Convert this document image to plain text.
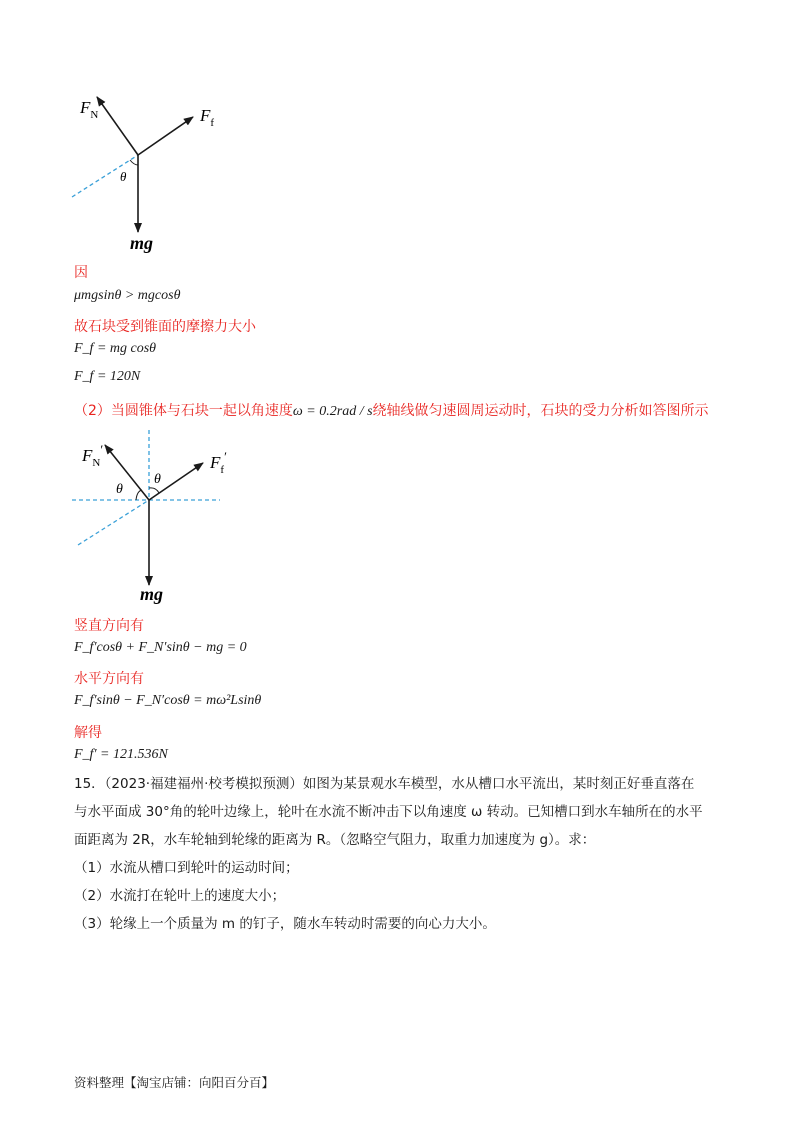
$F_N$	$F_f$
θ
mg
因
μmgsinθ > mgcosθ
故石块受到锥面的摩擦力大小
F_f = mg cosθ
F_f = 120N
（2）当圆锥体与石块一起以角速度ω = 0.2rad / s绕轴线做匀速圆周运动时，石块的受力分析如答图所示
$F_N'$
$F_f'$
θ
θ
mg
竖直方向有
F_f′cosθ + F_N′sinθ − mg = 0
水平方向有
F_f′sinθ − F_N′cosθ = mω²Lsinθ
解得
F_f′ = 121.536N
15．（2023·福建福州·校考模拟预测）如图为某景观水车模型，水从槽口水平流出，某时刻正好垂直落在
与水平面成 30°角的轮叶边缘上，轮叶在水流不断冲击下以角速度 ω 转动。已知槽口到水车轴所在的水平
面距离为 2R，水车轮轴到轮缘的距离为 R。（忽略空气阻力，取重力加速度为 g）。求：
（1）水流从槽口到轮叶的运动时间；
（2）水流打在轮叶上的速度大小；
（3）轮缘上一个质量为 m 的钉子，随水车转动时需要的向心力大小。
资料整理【淘宝店铺：向阳百分百】
